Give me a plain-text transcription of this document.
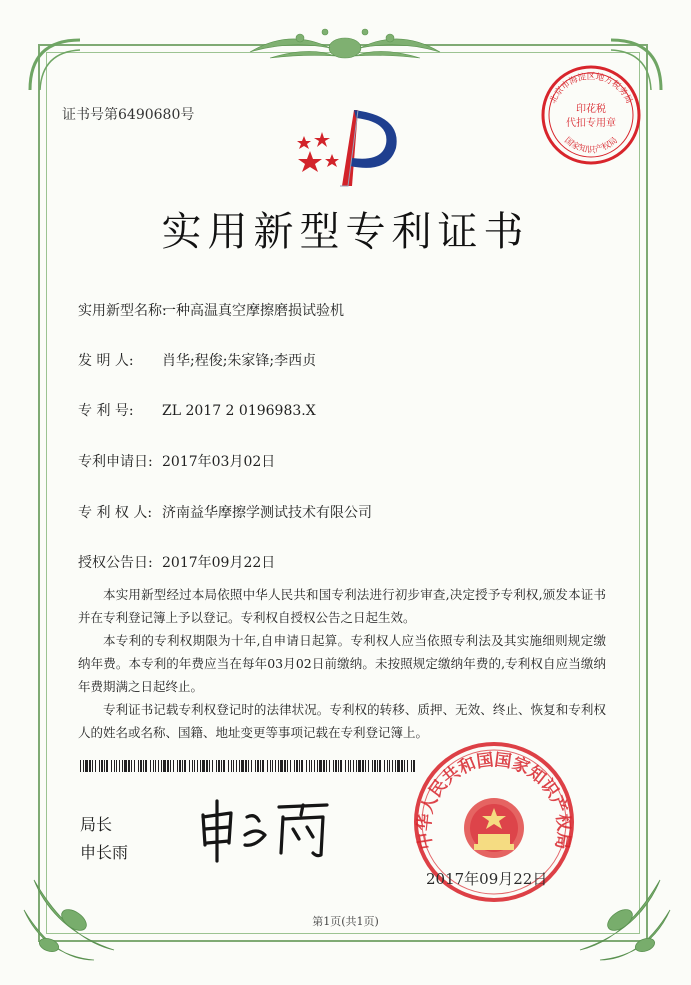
证书号第6490680号
北京市海淀区地方税务局
印花税
代扣专用章
国家知识产权局
实用新型专利证书
实用新型名称:一种高温真空摩擦磨损试验机
发 明 人: 肖华;程俊;朱家锋;李西贞
专 利 号: ZL 2017 2 0196983.X
专利申请日: 2017年03月02日
专 利 权 人: 济南益华摩擦学测试技术有限公司
授权公告日: 2017年09月22日

本实用新型经过本局依照中华人民共和国专利法进行初步审查,决定授予专利权,颁发本证书并在专利登记簿上予以登记。专利权自授权公告之日起生效。

本专利的专利权期限为十年,自申请日起算。专利权人应当依照专利法及其实施细则规定缴纳年费。本专利的年费应当在每年03月02日前缴纳。未按照规定缴纳年费的,专利权自应当缴纳年费期满之日起终止。

专利证书记载专利权登记时的法律状况。专利权的转移、质押、无效、终止、恢复和专利权人的姓名或名称、国籍、地址变更等事项记载在专利登记簿上。

局长
申长雨
中华人民共和国国家知识产权局
2017年09月22日
第1页(共1页)
